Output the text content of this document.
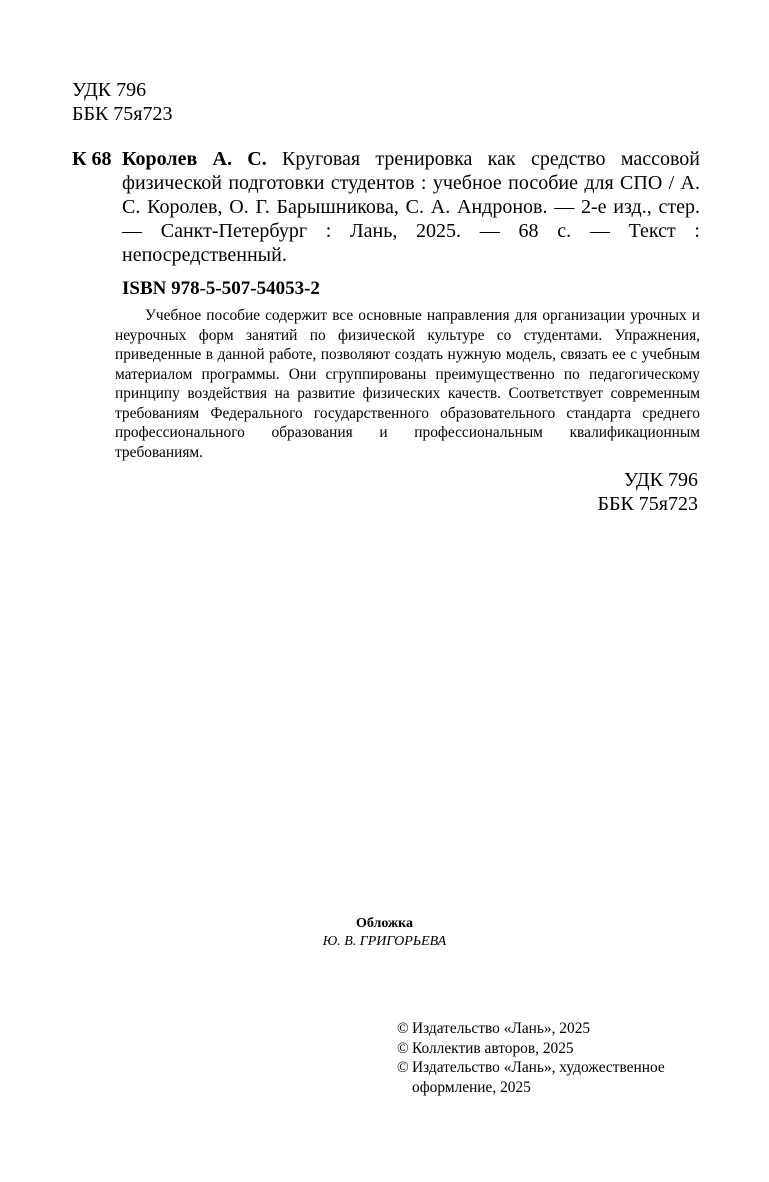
УДК 796
ББК 75я723
К 68 Королев А. С. Круговая тренировка как средство массовой физической подготовки студентов : учебное пособие для СПО / А. С. Королев, О. Г. Барышникова, С. А. Андронов. — 2-е изд., стер. — Санкт-Петербург : Лань, 2025. — 68 с. — Текст : непосредственный.
ISBN 978-5-507-54053-2
Учебное пособие содержит все основные направления для организации урочных и неурочных форм занятий по физической культуре со студентами. Упражнения, приведенные в данной работе, позволяют создать нужную модель, связать ее с учебным материалом программы. Они сгруппированы преимущественно по педагогическому принципу воздействия на развитие физических качеств. Соответствует современным требованиям Федерального государственного образовательного стандарта среднего профессионального образования и профессиональным квалификационным требованиям.
УДК 796
ББК 75я723
Обложка
Ю. В. ГРИГОРЬЕВА
© Издательство «Лань», 2025
© Коллектив авторов, 2025
© Издательство «Лань», художественное
оформление, 2025
